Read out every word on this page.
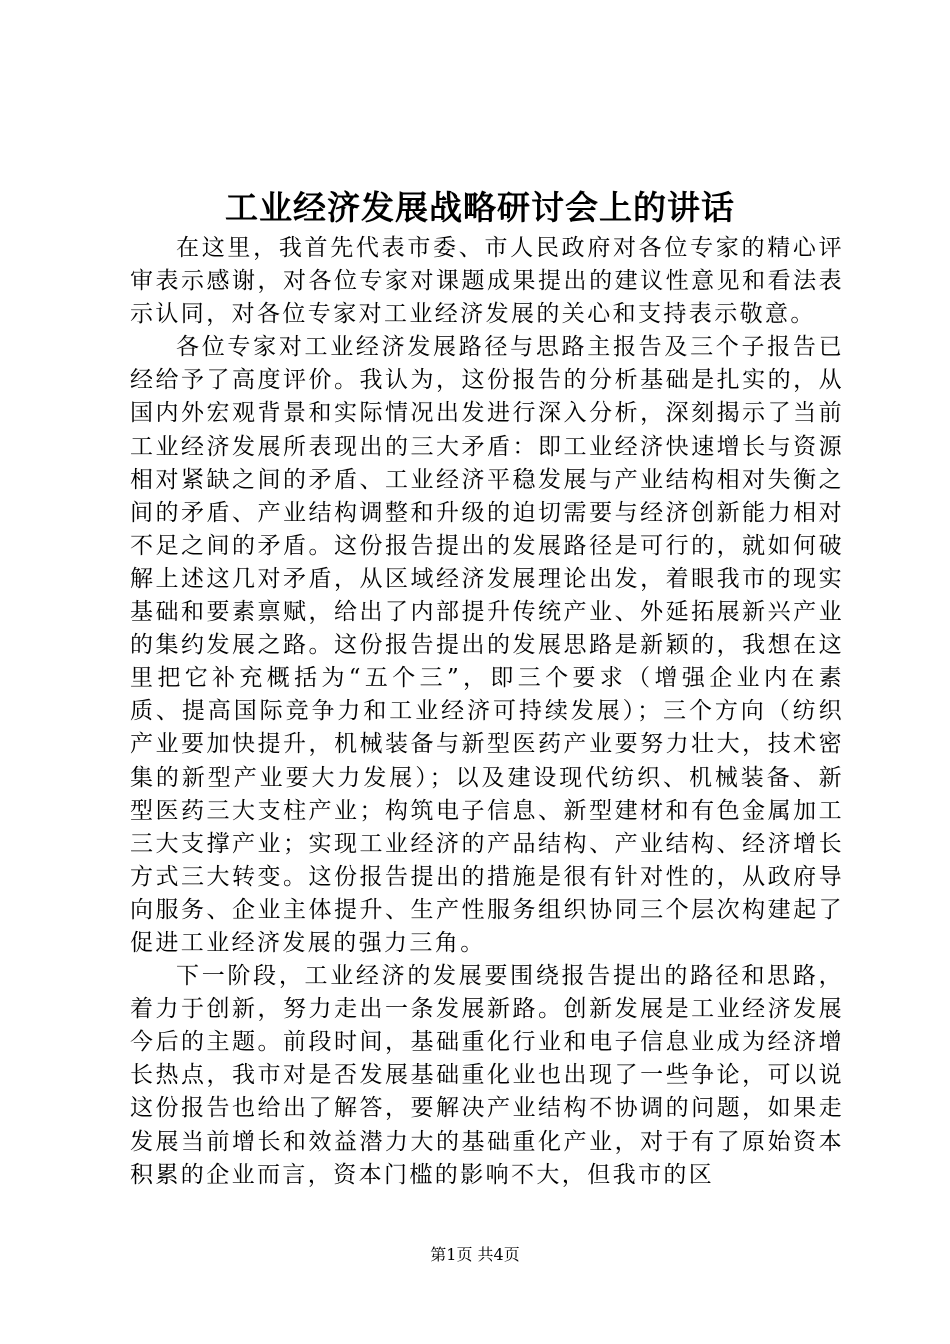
工业经济发展战略研讨会上的讲话

在这里，我首先代表市委、市人民政府对各位专家的精心评审表示感谢，对各位专家对课题成果提出的建议性意见和看法表示认同，对各位专家对工业经济发展的关心和支持表示敬意。

各位专家对工业经济发展路径与思路主报告及三个子报告已经给予了高度评价。我认为，这份报告的分析基础是扎实的，从国内外宏观背景和实际情况出发进行深入分析，深刻揭示了当前工业经济发展所表现出的三大矛盾：即工业经济快速增长与资源相对紧缺之间的矛盾、工业经济平稳发展与产业结构相对失衡之间的矛盾、产业结构调整和升级的迫切需要与经济创新能力相对不足之间的矛盾。这份报告提出的发展路径是可行的，就如何破解上述这几对矛盾，从区域经济发展理论出发，着眼我市的现实基础和要素禀赋，给出了内部提升传统产业、外延拓展新兴产业的集约发展之路。这份报告提出的发展思路是新颖的，我想在这里把它补充概括为“五个三”，即三个要求（增强企业内在素质、提高国际竞争力和工业经济可持续发展）；三个方向（纺织产业要加快提升，机械装备与新型医药产业要努力壮大，技术密集的新型产业要大力发展）；以及建设现代纺织、机械装备、新型医药三大支柱产业；构筑电子信息、新型建材和有色金属加工三大支撑产业；实现工业经济的产品结构、产业结构、经济增长方式三大转变。这份报告提出的措施是很有针对性的，从政府导向服务、企业主体提升、生产性服务组织协同三个层次构建起了促进工业经济发展的强力三角。

下一阶段，工业经济的发展要围绕报告提出的路径和思路，着力于创新，努力走出一条发展新路。创新发展是工业经济发展今后的主题。前段时间，基础重化行业和电子信息业成为经济增长热点，我市对是否发展基础重化业也出现了一些争论，可以说这份报告也给出了解答，要解决产业结构不协调的问题，如果走发展当前增长和效益潜力大的基础重化产业，对于有了原始资本积累的企业而言，资本门槛的影响不大，但我市的区

第1页 共4页
